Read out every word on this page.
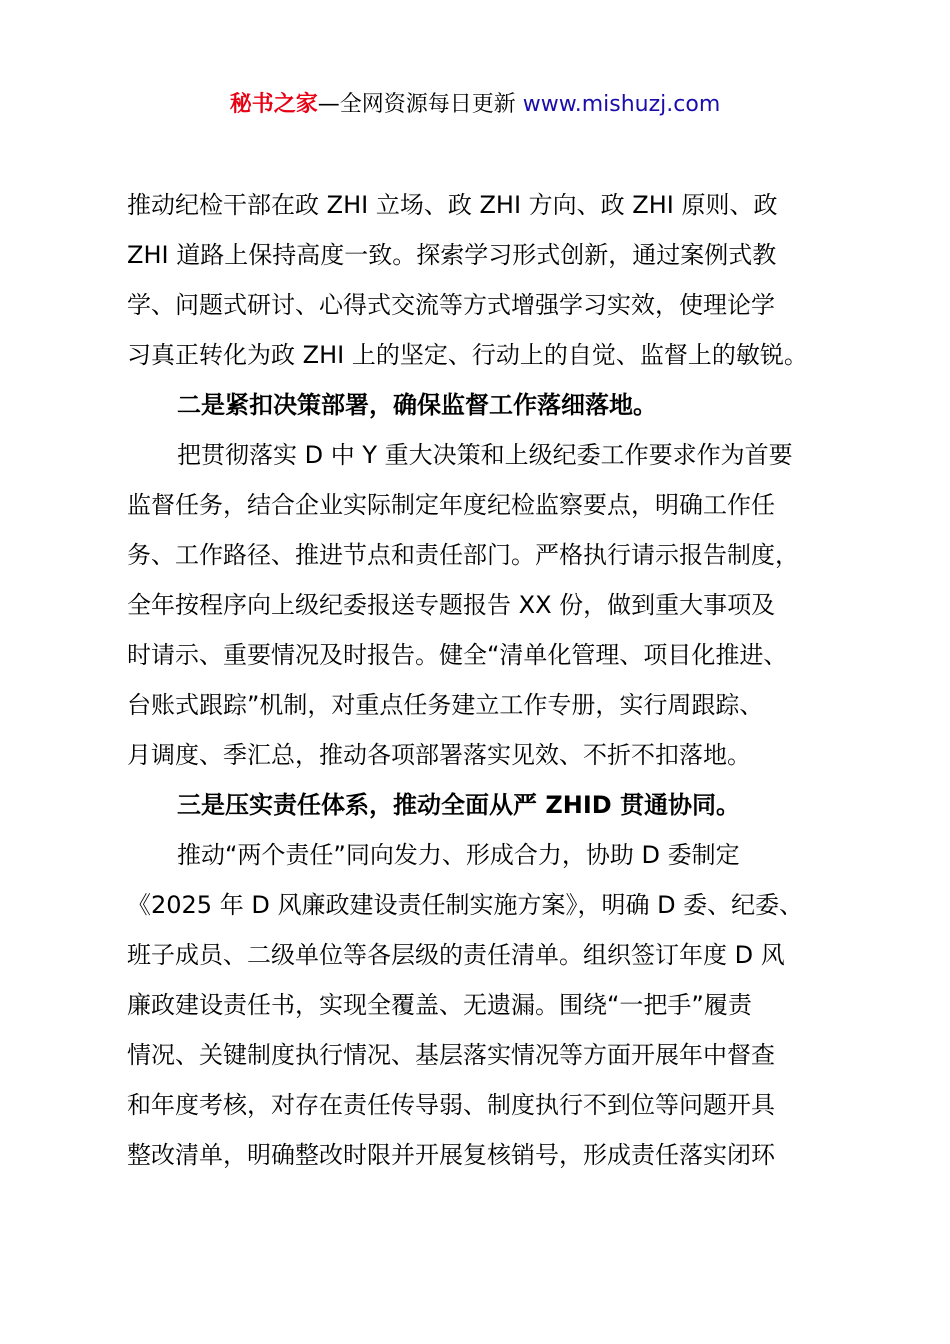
秘书之家—全网资源每日更新 www.mishuzj.com
推动纪检干部在政 ZHI 立场、政 ZHI 方向、政 ZHI 原则、政
ZHI 道路上保持高度一致。探索学习形式创新，通过案例式教
学、问题式研讨、心得式交流等方式增强学习实效，使理论学
习真正转化为政 ZHI 上的坚定、行动上的自觉、监督上的敏锐。
二是紧扣决策部署，确保监督工作落细落地。
把贯彻落实 D 中 Y 重大决策和上级纪委工作要求作为首要
监督任务，结合企业实际制定年度纪检监察要点，明确工作任
务、工作路径、推进节点和责任部门。严格执行请示报告制度，
全年按程序向上级纪委报送专题报告 XX 份，做到重大事项及
时请示、重要情况及时报告。健全“清单化管理、项目化推进、
台账式跟踪”机制，对重点任务建立工作专册，实行周跟踪、
月调度、季汇总，推动各项部署落实见效、不折不扣落地。
三是压实责任体系，推动全面从严 ZHID 贯通协同。
推动“两个责任”同向发力、形成合力，协助 D 委制定
《2025 年 D 风廉政建设责任制实施方案》，明确 D 委、纪委、
班子成员、二级单位等各层级的责任清单。组织签订年度 D 风
廉政建设责任书，实现全覆盖、无遗漏。围绕“一把手”履责
情况、关键制度执行情况、基层落实情况等方面开展年中督查
和年度考核，对存在责任传导弱、制度执行不到位等问题开具
整改清单，明确整改时限并开展复核销号，形成责任落实闭环
